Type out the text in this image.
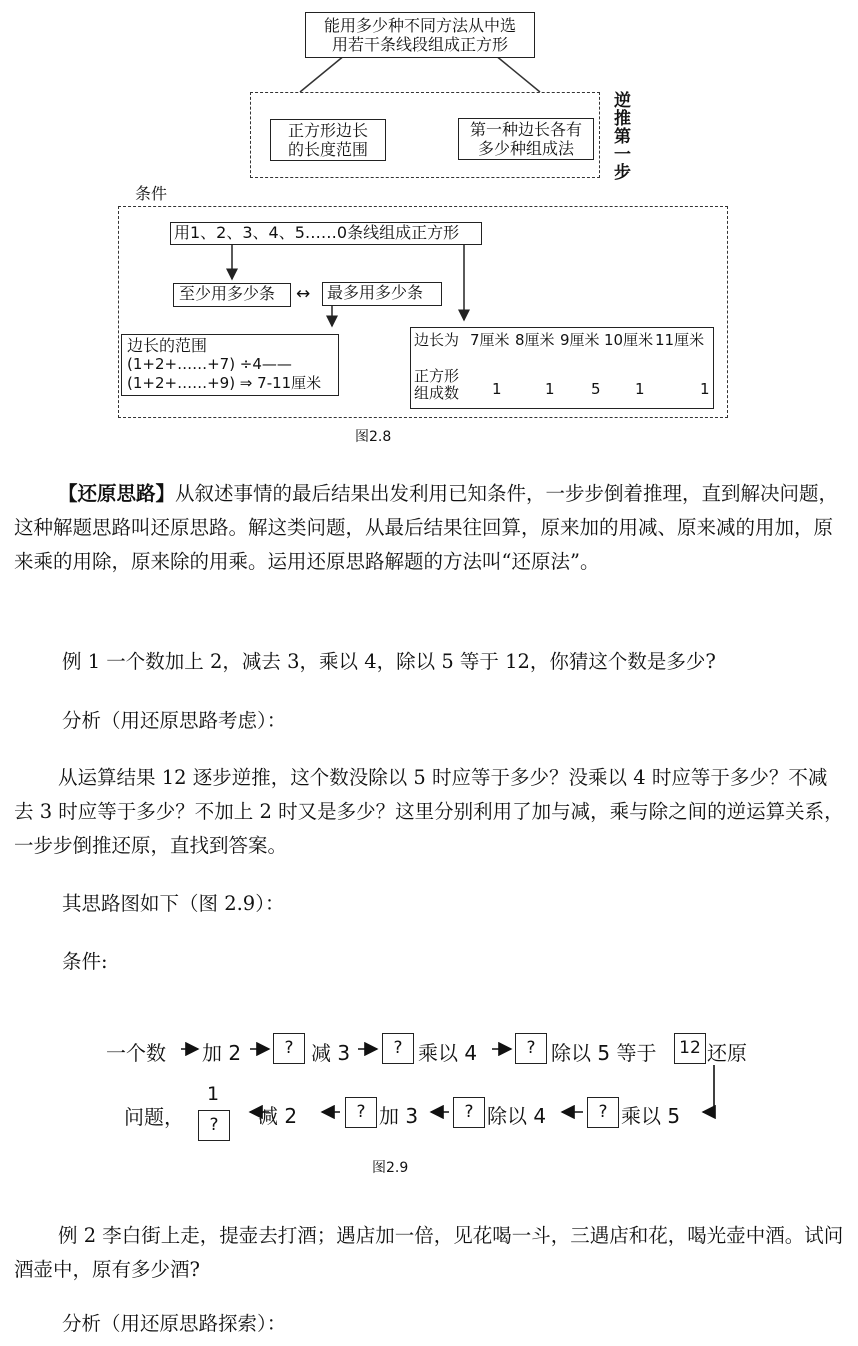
能用多少种不同方法从中选
用若干条线段组成正方形
正方形边长
的长度范围
第一种边长各有
多少种组成法
逆
推
第
一
步
条件
用1、2、3、4、5……0条线组成正方形
至少用多少条	↔	最多用多少条
边长的范围
(1+2+……+7) ÷4——
(1+2+……+9) ⇒ 7-11厘米
边长为 7厘米 8厘米 9厘米 10厘米 11厘米
正方形
组成数 1	1 5 1	1
图2.8
【还原思路】从叙述事情的最后结果出发利用已知条件，一步步倒着推理，直到解决问题，这种解题思路叫还原思路。解这类问题，从最后结果往回算，原来加的用减、原来减的用加，原来乘的用除，原来除的用乘。运用还原思路解题的方法叫“还原法”。
例 1 一个数加上 2，减去 3，乘以 4，除以 5 等于 12，你猜这个数是多少?
分析（用还原思路考虑）：
从运算结果 12 逐步逆推，这个数没除以 5 时应等于多少？没乘以 4 时应等于多少？不减去 3 时应等于多少？不加上 2 时又是多少？这里分别利用了加与减，乘与除之间的逆运算关系，一步步倒推还原，直找到答案。
其思路图如下（图 2.9）：
条件:
一个数 加 2	? 减 3	? 乘以 4	? 除以 5 等于	12 还原
问题，
1
?	减 2	? 加 3	? 除以 4	? 乘以 5
图2.9
例 2 李白街上走，提壶去打酒；遇店加一倍，见花喝一斗，三遇店和花，喝光壶中酒。试问酒壶中，原有多少酒?
分析（用还原思路探索）：
